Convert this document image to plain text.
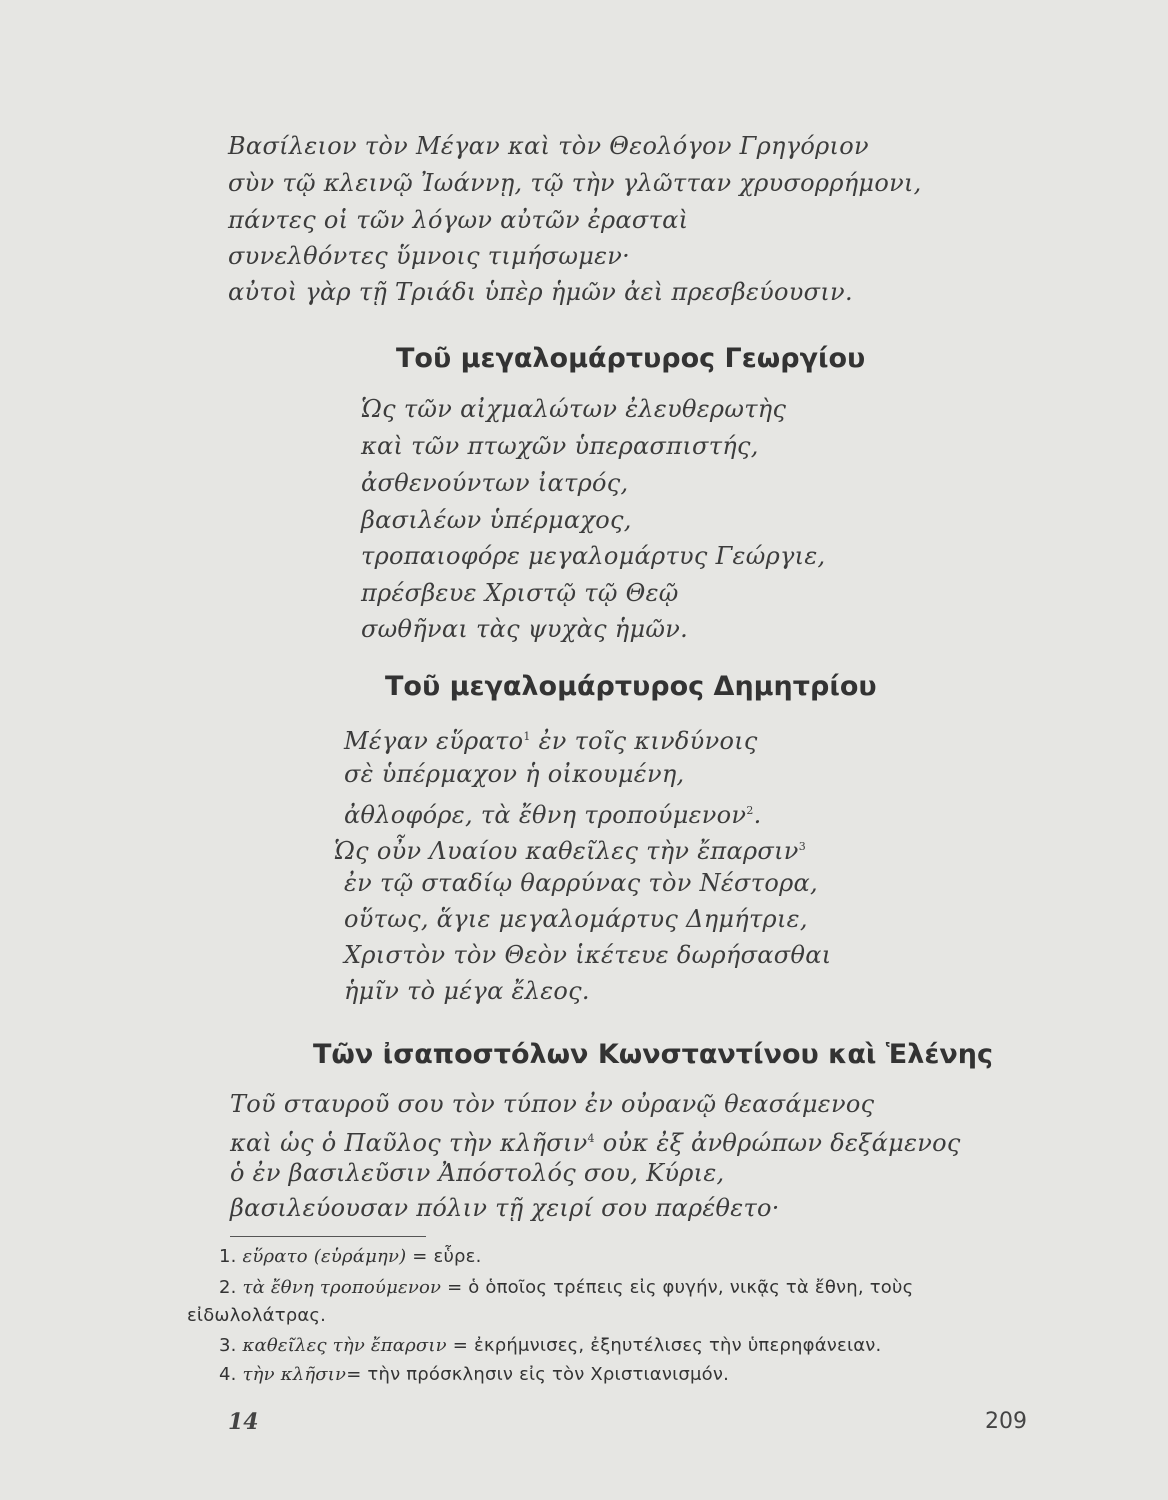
Βασίλειον τὸν Μέγαν καὶ τὸν Θεολόγον Γρηγόριον

σὺν τῷ κλεινῷ Ἰωάννῃ, τῷ τὴν γλῶτταν χρυσορρήμονι,

πάντες οἱ τῶν λόγων αὐτῶν ἐρασταὶ

συνελθόντες ὕμνοις τιμήσωμεν·

αὐτοὶ γὰρ τῇ Τριάδι ὑπὲρ ἡμῶν ἀεὶ πρεσβεύουσιν.

Τοῦ μεγαλομάρτυρος Γεωργίου

Ὡς τῶν αἰχμαλώτων ἐλευθερωτὴς

καὶ τῶν πτωχῶν ὑπερασπιστής,

ἀσθενούντων ἰατρός,

βασιλέων ὑπέρμαχος,

τροπαιοφόρε μεγαλομάρτυς Γεώργιε,

πρέσβευε Χριστῷ τῷ Θεῷ

σωθῆναι τὰς ψυχὰς ἡμῶν.

Τοῦ μεγαλομάρτυρος Δημητρίου

Μέγαν εὕρατο$^1$ ἐν τοῖς κινδύνοις

σὲ ὑπέρμαχον ἡ οἰκουμένη,

ἀθλοφόρε, τὰ ἔθνη τροπούμενον$^2$.

Ὡς οὖν Λυαίου καθεῖλες τὴν ἔπαρσιν$^3$

ἐν τῷ σταδίῳ θαρρύνας τὸν Νέστορα,

οὕτως, ἅγιε μεγαλομάρτυς Δημήτριε,

Χριστὸν τὸν Θεὸν ἱκέτευε δωρήσασθαι

ἡμῖν τὸ μέγα ἔλεος.

Τῶν ἰσαποστόλων Κωνσταντίνου καὶ Ἑλένης

Τοῦ σταυροῦ σου τὸν τύπον ἐν οὐρανῷ θεασάμενος

καὶ ὡς ὁ Παῦλος τὴν κλῆσιν$^4$ οὐκ ἐξ ἀνθρώπων δεξάμενος

ὁ ἐν βασιλεῦσιν Ἀπόστολός σου, Κύριε,

βασιλεύουσαν πόλιν τῇ χειρί σου παρέθετο·

1. εὕρατο (εὑράμην) = εὗρε.
2. τὰ ἔθνη τροπούμενον = ὁ ὁποῖος τρέπεις εἰς φυγήν, νικᾷς τὰ ἔθνη, τοὺς
εἰδωλολάτρας.
3. καθεῖλες τὴν ἔπαρσιν = ἐκρήμνισες, ἐξηυτέλισες τὴν ὑπερηφάνειαν.
4. τὴν κλῆσιν= τὴν πρόσκλησιν εἰς τὸν Χριστιανισμόν.
14	209
